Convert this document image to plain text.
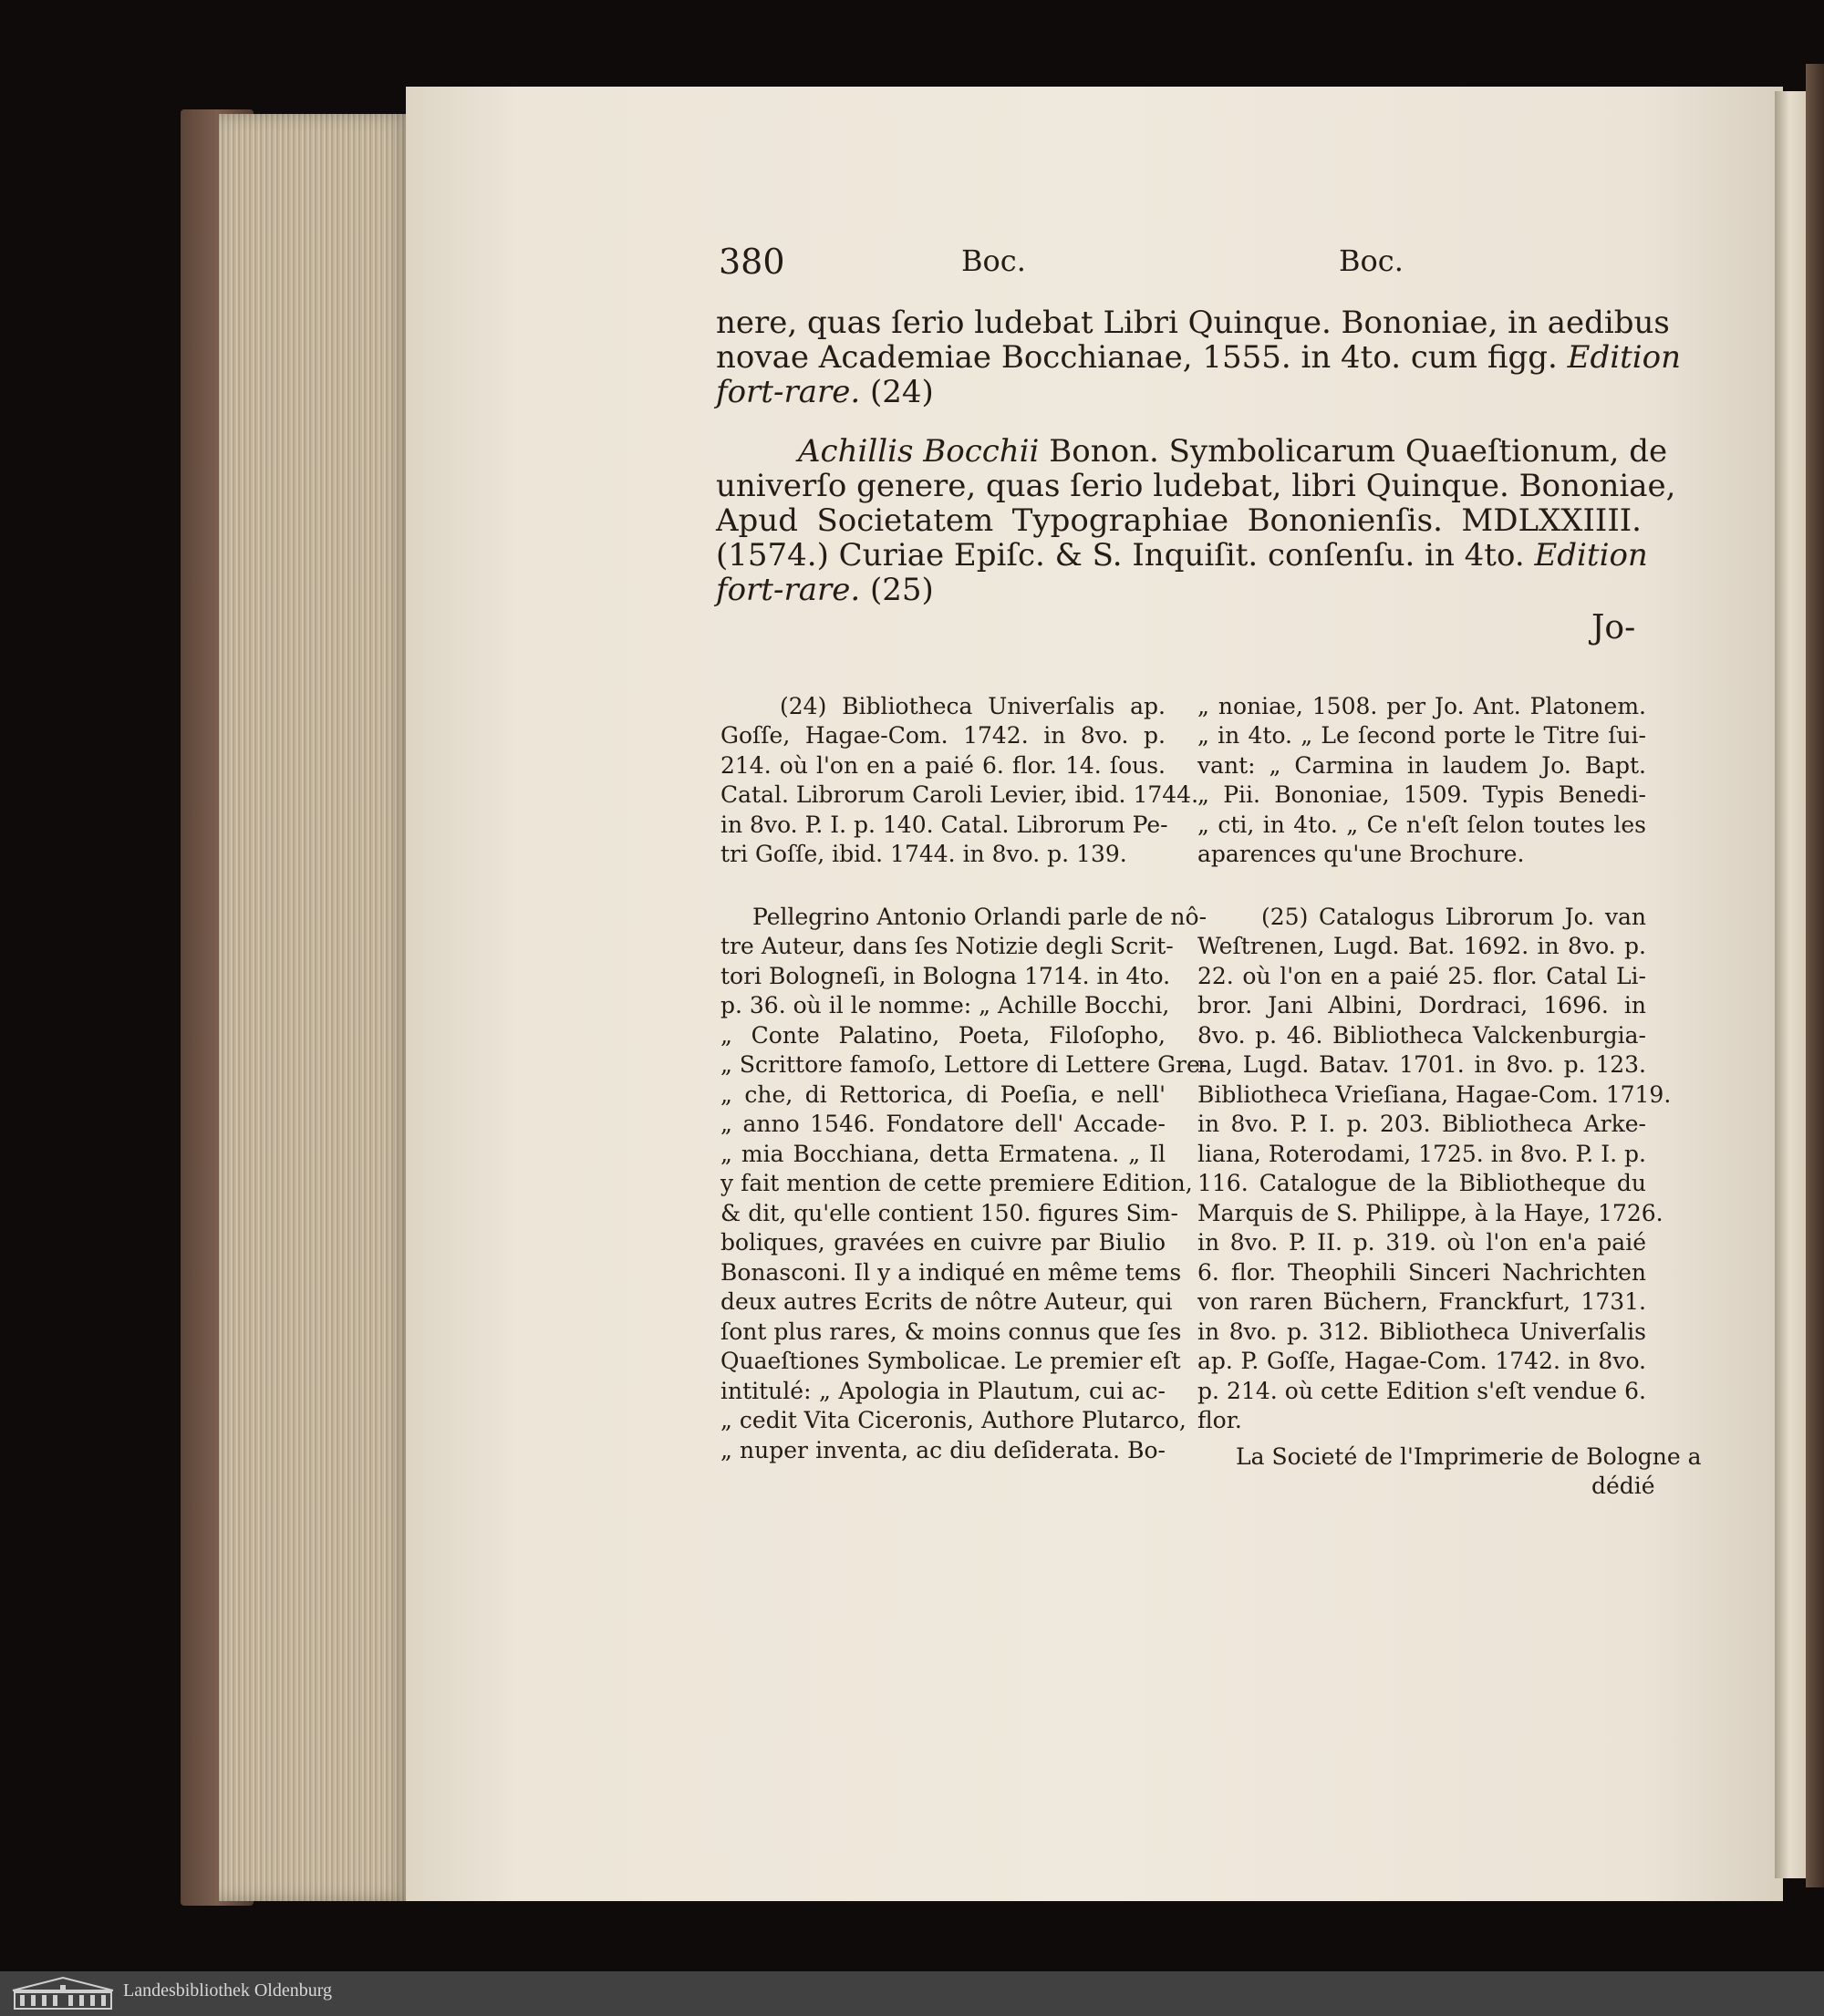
380	Boc.	Boc.
nere, quas ſerio ludebat Libri Quinque. Bononiae, in aedibus
novae Academiae Bocchianae, 1555. in 4to. cum figg. Edition
fort-rare. (24)
Achillis Bocchii Bonon. Symbolicarum Quaeſtionum, de
univerſo genere, quas ſerio ludebat, libri Quinque. Bononiae,
Apud Societatem Typographiae Bononienſis. MDLXXIIII.
(1574.) Curiae Epiſc. & S. Inquiſit. conſenſu. in 4to. Edition
fort-rare. (25)
Jo-
(24) Bibliotheca Univerſalis ap.
Goſſe, Hagae-Com. 1742. in 8vo. p.
214. où l'on en a paié 6. flor. 14. ſous.
Catal. Librorum Caroli Levier, ibid. 1744.
in 8vo. P. I. p. 140. Catal. Librorum Pe-
tri Goſſe, ibid. 1744. in 8vo. p. 139.
Pellegrino Antonio Orlandi parle de nô-
tre Auteur, dans ſes Notizie degli Scrit-
tori Bologneſi, in Bologna 1714. in 4to.
p. 36. où il le nomme: „ Achille Bocchi,
„ Conte Palatino, Poeta, Filoſopho,
„ Scrittore famoſo, Lettore di Lettere Gre-
„ che, di Rettorica, di Poeſia, e nell'
„ anno 1546. Fondatore dell' Accade-
„ mia Bocchiana, detta Ermatena. „ Il
y fait mention de cette premiere Edition,
& dit, qu'elle contient 150. figures Sim-
boliques, gravées en cuivre par Biulio
Bonasconi. Il y a indiqué en même tems
deux autres Ecrits de nôtre Auteur, qui
ſont plus rares, & moins connus que ſes
Quaeſtiones Symbolicae. Le premier eſt
intitulé: „ Apologia in Plautum, cui ac-
„ cedit Vita Ciceronis, Authore Plutarco,
„ nuper inventa, ac diu deſiderata. Bo-
„ noniae, 1508. per Jo. Ant. Platonem.
„ in 4to. „ Le ſecond porte le Titre ſui-
vant: „ Carmina in laudem Jo. Bapt.
„ Pii. Bononiae, 1509. Typis Benedi-
„ cti, in 4to. „ Ce n'eſt ſelon toutes les
aparences qu'une Brochure.
(25) Catalogus Librorum Jo. van
Weſtrenen, Lugd. Bat. 1692. in 8vo. p.
22. où l'on en a paié 25. flor. Catal Li-
bror. Jani Albini, Dordraci, 1696. in
8vo. p. 46. Bibliotheca Valckenburgia-
na, Lugd. Batav. 1701. in 8vo. p. 123.
Bibliotheca Vrieſiana, Hagae-Com. 1719.
in 8vo. P. I. p. 203. Bibliotheca Arke-
liana, Roterodami, 1725. in 8vo. P. I. p.
116. Catalogue de la Bibliotheque du
Marquis de S. Philippe, à la Haye, 1726.
in 8vo. P. II. p. 319. où l'on en'a paié
6. flor. Theophili Sinceri Nachrichten
von raren Büchern, Franckfurt, 1731.
in 8vo. p. 312. Bibliotheca Univerſalis
ap. P. Goſſe, Hagae-Com. 1742. in 8vo.
p. 214. où cette Edition s'eſt vendue 6.
flor.
La Societé de l'Imprimerie de Bologne a
dédié
Landesbibliothek Oldenburg
